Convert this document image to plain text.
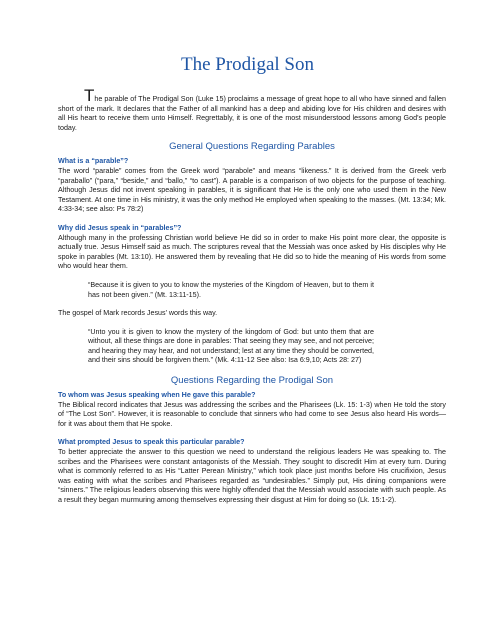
The Prodigal Son

The parable of The Prodigal Son (Luke 15) proclaims a message of great hope to all who have sinned and fallen short of the mark. It declares that the Father of all mankind has a deep and abiding love for His children and desires with all His heart to receive them unto Himself. Regrettably, it is one of the most misunderstood lessons among God’s people today.

General Questions Regarding Parables

What is a “parable”?

The word “parable” comes from the Greek word “parabole” and means “likeness.” It is derived from the Greek verb “paraballo” (“para,” “beside,” and “ballo,” “to cast”). A parable is a comparison of two objects for the purpose of teaching. Although Jesus did not invent speaking in parables, it is significant that He is the only one who used them in the New Testament. At one time in His ministry, it was the only method He employed when speaking to the masses. (Mt. 13:34; Mk. 4:33-34; see also: Ps 78:2)

Why did Jesus speak in “parables”?

Although many in the professing Christian world believe He did so in order to make His point more clear, the opposite is actually true. Jesus Himself said as much. The scriptures reveal that the Messiah was once asked by His disciples why He spoke in parables (Mt. 13:10). He answered them by revealing that He did so to hide the meaning of His words from some who would hear them.

“Because it is given to you to know the mysteries of the Kingdom of Heaven, but to them it has not been given.” (Mt. 13:11-15).

The gospel of Mark records Jesus’ words this way.

“Unto you it is given to know the mystery of the kingdom of God: but unto them that are without, all these things are done in parables: That seeing they may see, and not perceive; and hearing they may hear, and not understand; lest at any time they should be converted, and their sins should be forgiven them.” (Mk. 4:11-12 See also: Isa 6:9,10; Acts 28: 27)

Questions Regarding the Prodigal Son

To whom was Jesus speaking when He gave this parable?

The Biblical record indicates that Jesus was addressing the scribes and the Pharisees (Lk. 15: 1-3) when He told the story of “The Lost Son”. However, it is reasonable to conclude that sinners who had come to see Jesus also heard His words—for it was about them that He spoke.

What prompted Jesus to speak this particular parable?

To better appreciate the answer to this question we need to understand the religious leaders He was speaking to. The scribes and the Pharisees were constant antagonists of the Messiah. They sought to discredit Him at every turn. During what is commonly referred to as His “Latter Perean Ministry,” which took place just months before His crucifixion, Jesus was eating with what the scribes and Pharisees regarded as “undesirables.” Simply put, His dining companions were “sinners.” The religious leaders observing this were highly offended that the Messiah would associate with such people. As a result they began murmuring among themselves expressing their disgust at Him for doing so (Lk. 15:1-2).
